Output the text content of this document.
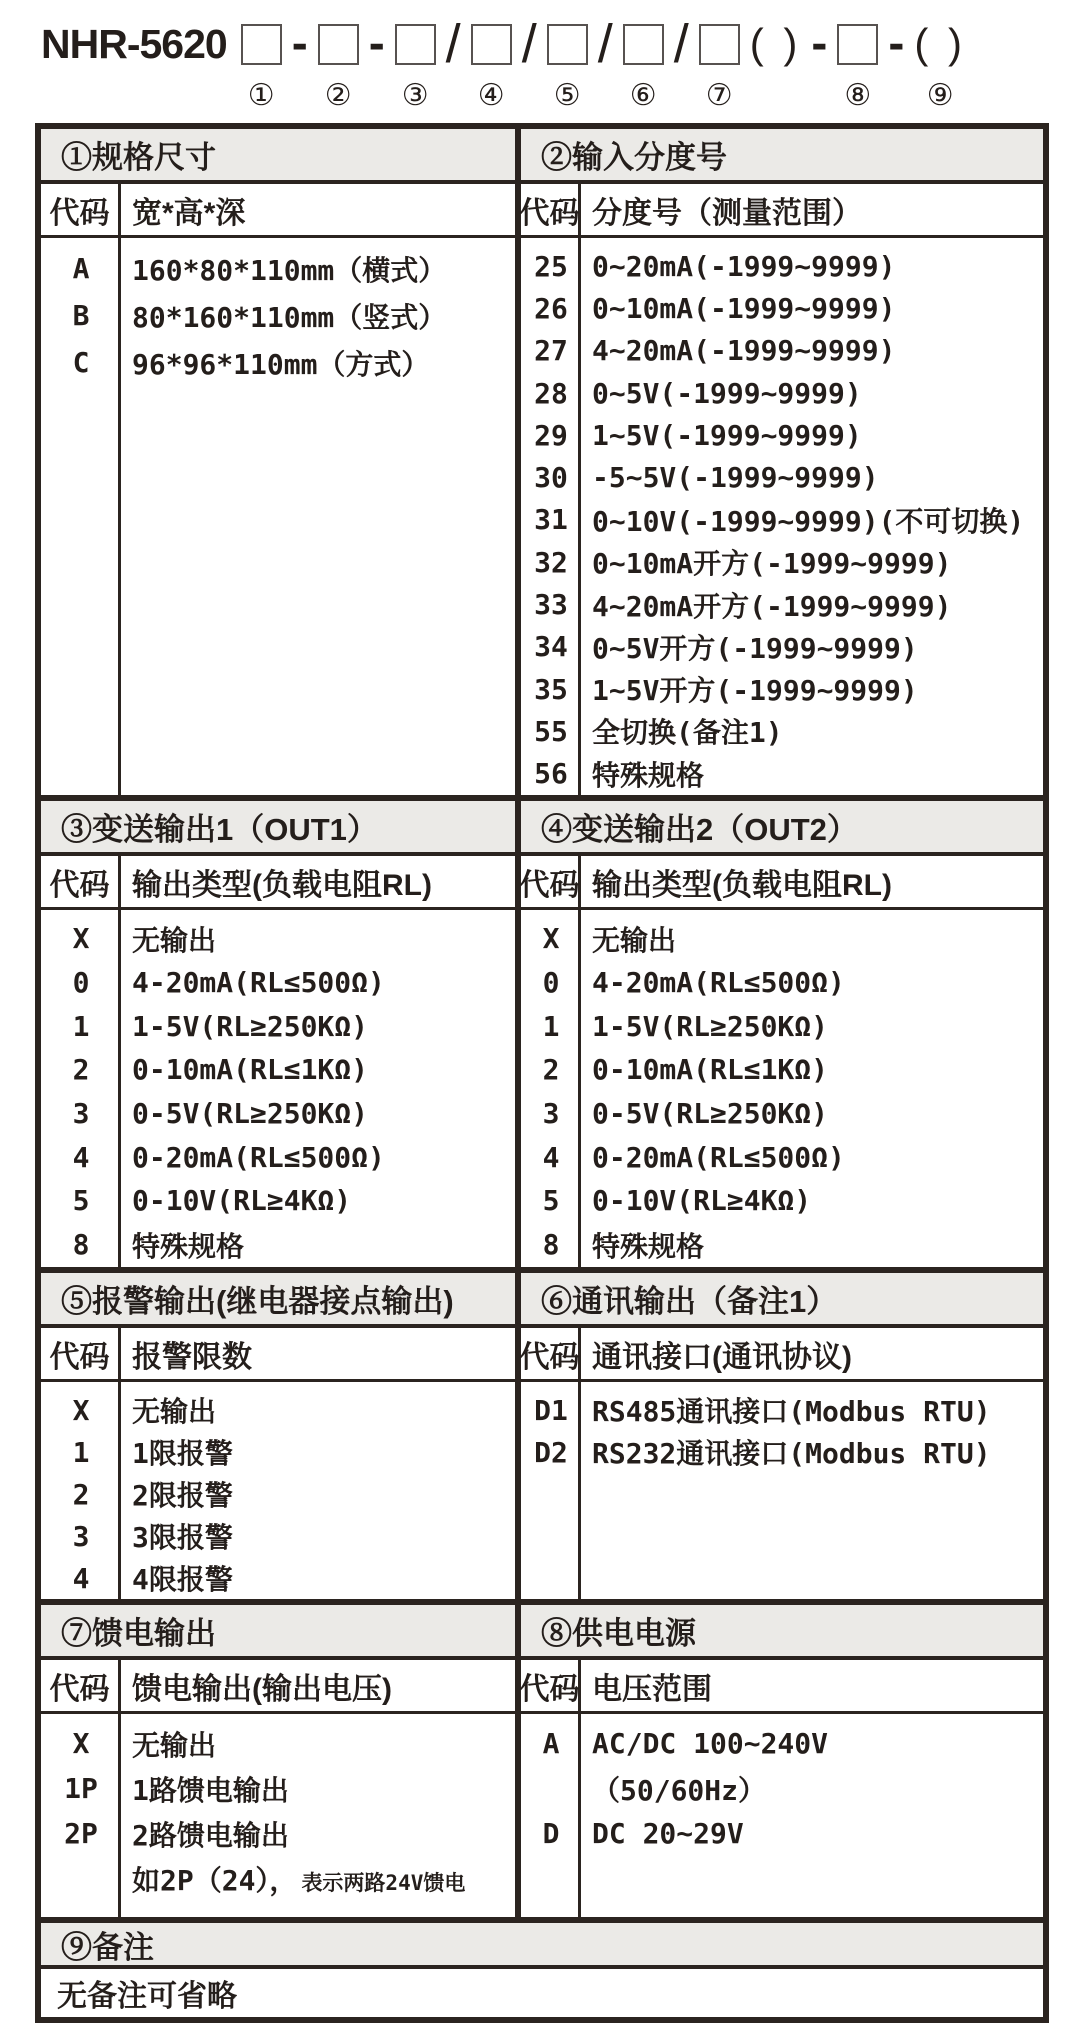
NHR-5620
①
-
②
-
③
/
④
/
⑤
/
⑥
/
⑦
( ) -
⑧
- ( )
⑨
①规格尺寸
代码 宽*高*深
A	160*80*110mm（横式）
B	80*160*110mm（竖式）
C	96*96*110mm（方式）
②输入分度号
代码 分度号（测量范围）
25 0~20mA(-1999~9999)
26 0~10mA(-1999~9999)
27 4~20mA(-1999~9999)
28 0~5V(-1999~9999)
29 1~5V(-1999~9999)
30 -5~5V(-1999~9999)
31 0~10V(-1999~9999)(不可切换)
32 0~10mA开方(-1999~9999)
33 4~20mA开方(-1999~9999)
34 0~5V开方(-1999~9999)
35 1~5V开方(-1999~9999)
55 全切换(备注1)
56 特殊规格
③变送输出1（OUT1）
代码 输出类型(负载电阻RL)
X	无输出
0	4-20mA(RL≤500Ω)
1	1-5V(RL≥250KΩ)
2	0-10mA(RL≤1KΩ)
3	0-5V(RL≥250KΩ)
4	0-20mA(RL≤500Ω)
5	0-10V(RL≥4KΩ)
8	特殊规格
④变送输出2（OUT2）
代码 输出类型(负载电阻RL)
X	无输出
0	4-20mA(RL≤500Ω)
1	1-5V(RL≥250KΩ)
2	0-10mA(RL≤1KΩ)
3	0-5V(RL≥250KΩ)
4	0-20mA(RL≤500Ω)
5	0-10V(RL≥4KΩ)
8	特殊规格
⑤报警输出(继电器接点输出)
代码 报警限数
X	无输出
1	1限报警
2	2限报警
3	3限报警
4	4限报警
⑥通讯输出（备注1）
代码 通讯接口(通讯协议)
D1 RS485通讯接口(Modbus RTU)
D2 RS232通讯接口(Modbus RTU)
⑦馈电输出
代码 馈电输出(输出电压)
X	无输出
1P	1路馈电输出
2P	2路馈电输出
如2P（24）， 表示两路24V馈电
⑧供电电源
代码 电压范围
A	AC/DC 100~240V
（50/60Hz）
D	DC 20~29V
⑨备注
无备注可省略
